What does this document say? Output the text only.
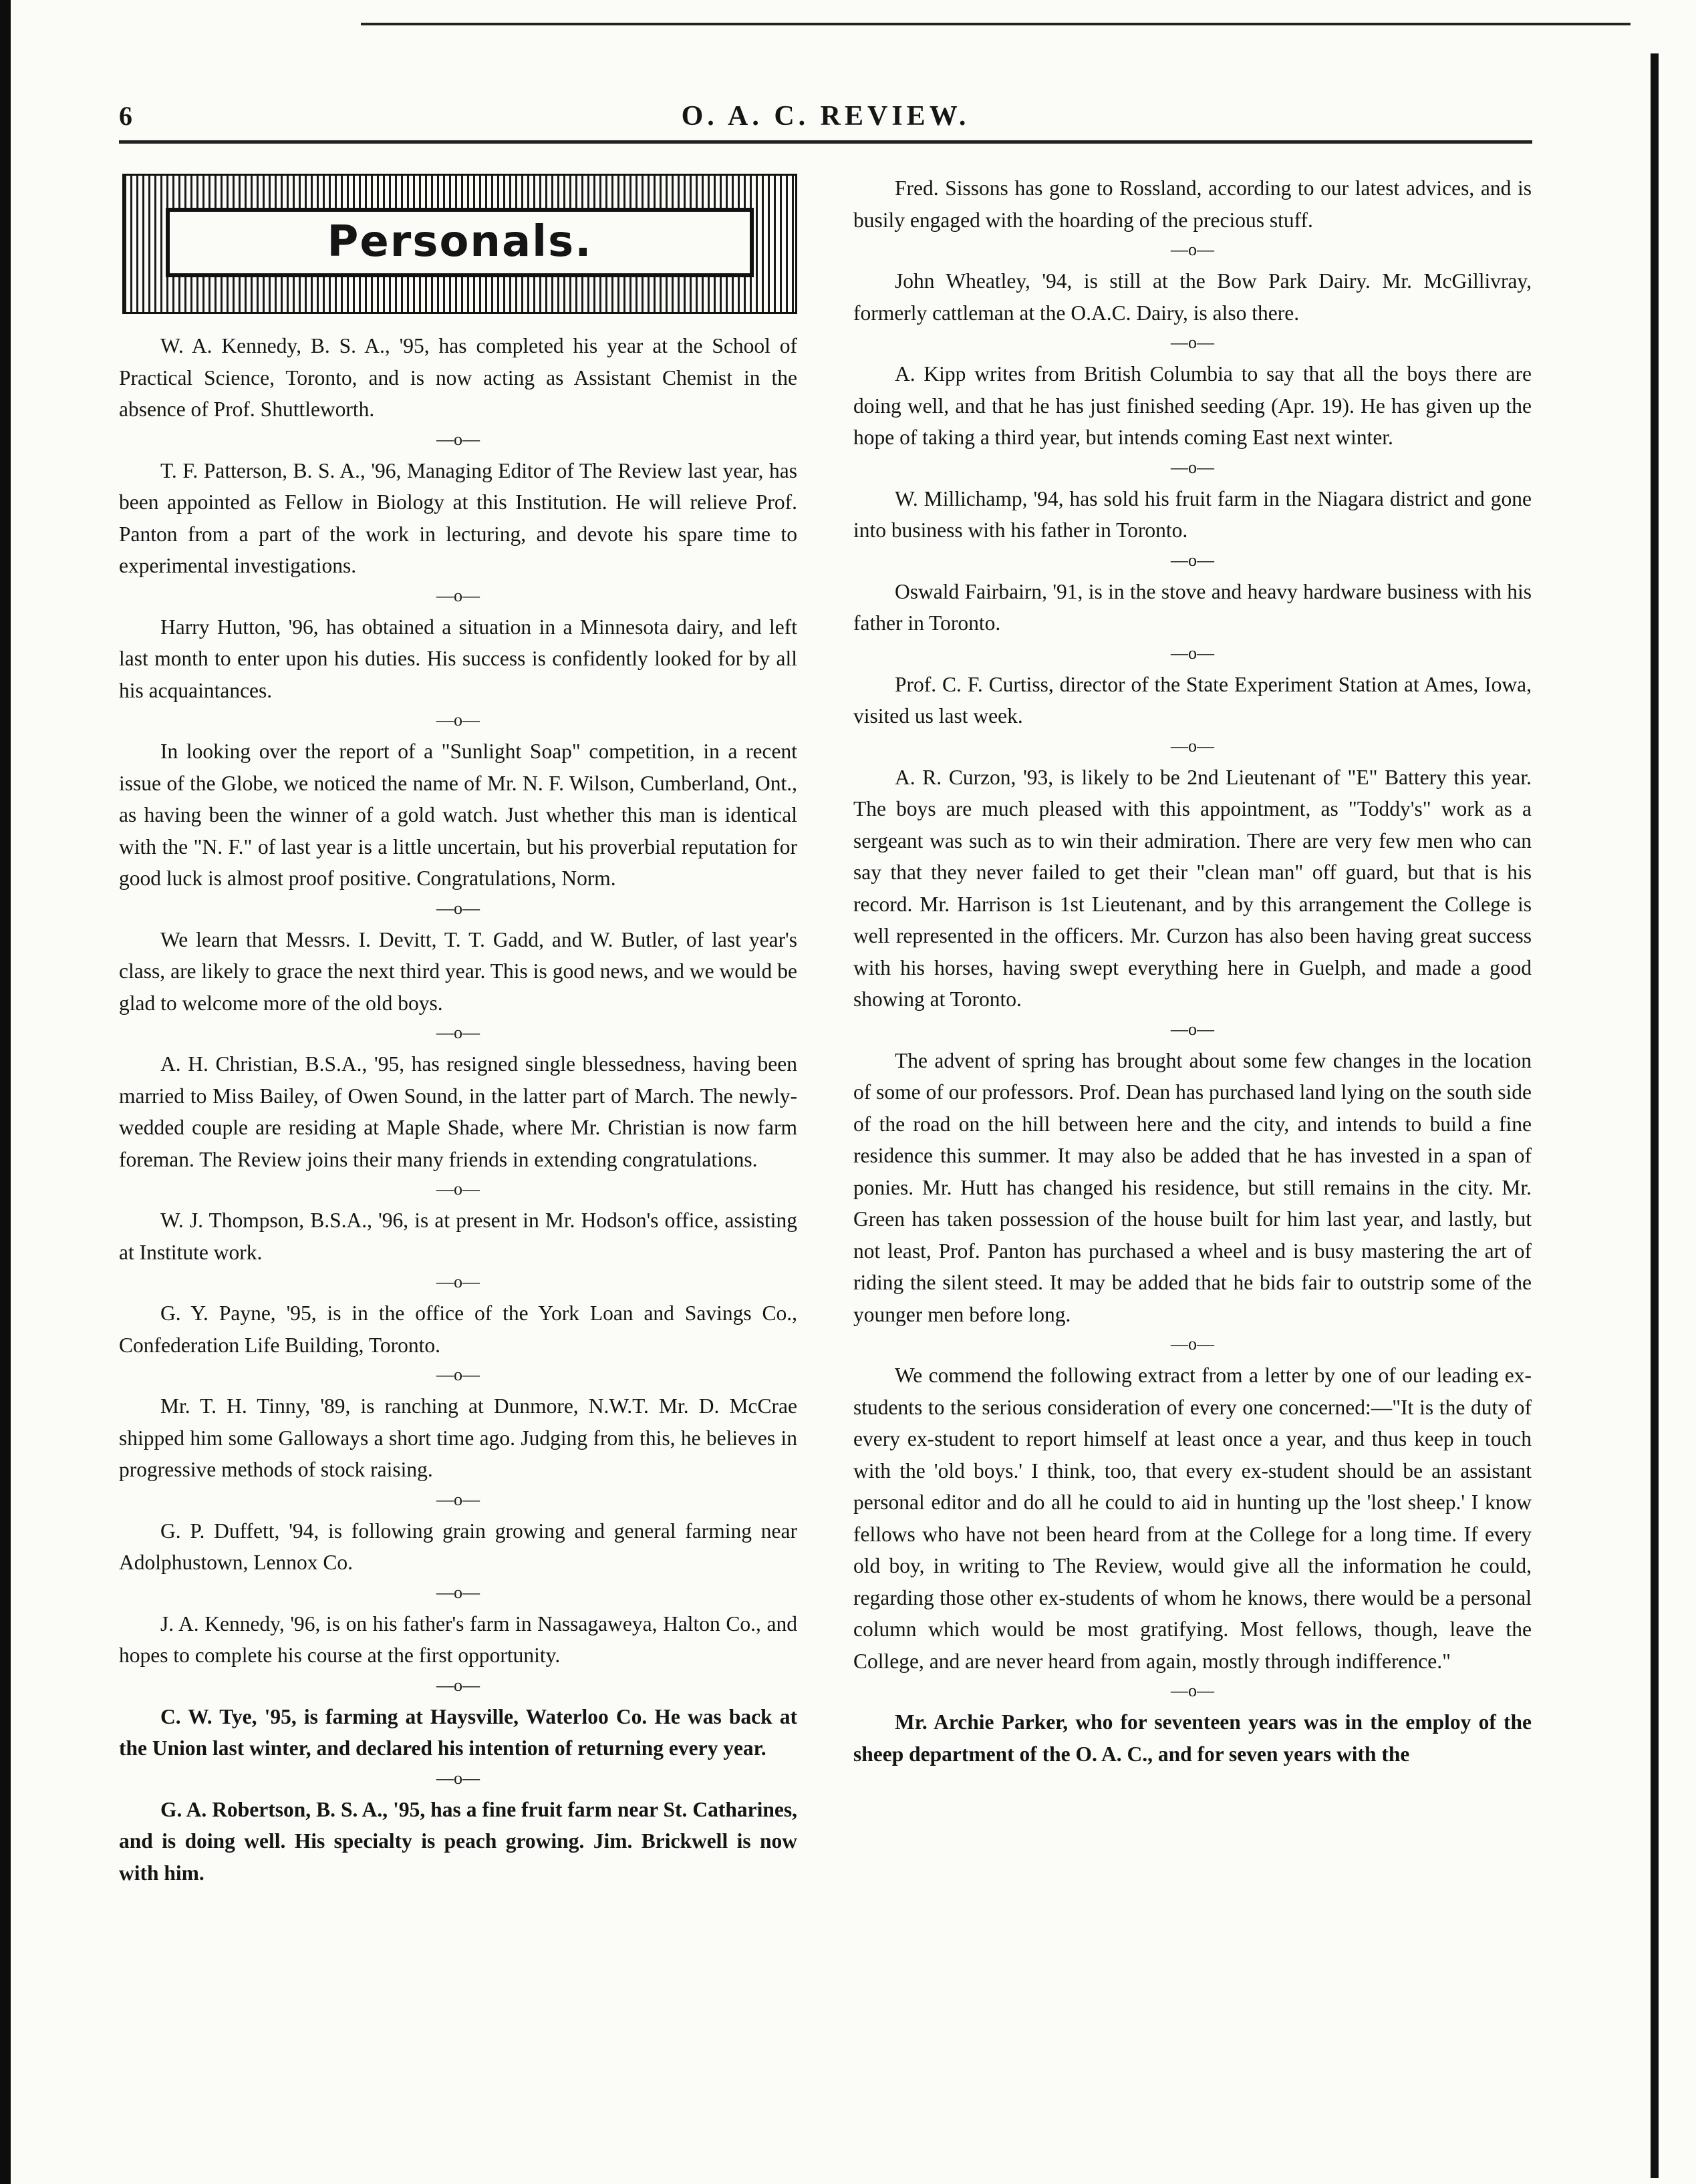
6	O. A. C. REVIEW.
Personals.

W. A. Kennedy, B. S. A., '95, has completed his year at the School of Practical Science, Toronto, and is now acting as Assistant Chemist in the absence of Prof. Shuttleworth.

—o—

T. F. Patterson, B. S. A., '96, Managing Editor of The Review last year, has been appointed as Fellow in Biology at this Institution. He will relieve Prof. Panton from a part of the work in lecturing, and devote his spare time to experimental investigations.

—o—

Harry Hutton, '96, has obtained a situation in a Minnesota dairy, and left last month to enter upon his duties. His success is confidently looked for by all his acquaintances.

—o—

In looking over the report of a "Sunlight Soap" competition, in a recent issue of the Globe, we noticed the name of Mr. N. F. Wilson, Cumberland, Ont., as having been the winner of a gold watch. Just whether this man is identical with the "N. F." of last year is a little uncertain, but his proverbial reputation for good luck is almost proof positive. Congratulations, Norm.

—o—

We learn that Messrs. I. Devitt, T. T. Gadd, and W. Butler, of last year's class, are likely to grace the next third year. This is good news, and we would be glad to welcome more of the old boys.

—o—

A. H. Christian, B.S.A., '95, has resigned single blessedness, having been married to Miss Bailey, of Owen Sound, in the latter part of March. The newly-wedded couple are residing at Maple Shade, where Mr. Christian is now farm foreman. The Review joins their many friends in extending congratulations.

—o—

W. J. Thompson, B.S.A., '96, is at present in Mr. Hodson's office, assisting at Institute work.

—o—

G. Y. Payne, '95, is in the office of the York Loan and Savings Co., Confederation Life Building, Toronto.

—o—

Mr. T. H. Tinny, '89, is ranching at Dunmore, N.W.T. Mr. D. McCrae shipped him some Galloways a short time ago. Judging from this, he believes in progressive methods of stock raising.

—o—

G. P. Duffett, '94, is following grain growing and general farming near Adolphustown, Lennox Co.

—o—

J. A. Kennedy, '96, is on his father's farm in Nassagaweya, Halton Co., and hopes to complete his course at the first opportunity.

—o—

C. W. Tye, '95, is farming at Haysville, Waterloo Co. He was back at the Union last winter, and declared his intention of returning every year.

—o—

G. A. Robertson, B. S. A., '95, has a fine fruit farm near St. Catharines, and is doing well. His specialty is peach growing. Jim. Brickwell is now with him.

Fred. Sissons has gone to Rossland, according to our latest advices, and is busily engaged with the hoarding of the precious stuff.

—o—

John Wheatley, '94, is still at the Bow Park Dairy. Mr. McGillivray, formerly cattleman at the O.A.C. Dairy, is also there.

—o—

A. Kipp writes from British Columbia to say that all the boys there are doing well, and that he has just finished seeding (Apr. 19). He has given up the hope of taking a third year, but intends coming East next winter.

—o—

W. Millichamp, '94, has sold his fruit farm in the Niagara district and gone into business with his father in Toronto.

—o—

Oswald Fairbairn, '91, is in the stove and heavy hardware business with his father in Toronto.

—o—

Prof. C. F. Curtiss, director of the State Experiment Station at Ames, Iowa, visited us last week.

—o—

A. R. Curzon, '93, is likely to be 2nd Lieutenant of "E" Battery this year. The boys are much pleased with this appointment, as "Toddy's" work as a sergeant was such as to win their admiration. There are very few men who can say that they never failed to get their "clean man" off guard, but that is his record. Mr. Harrison is 1st Lieutenant, and by this arrangement the College is well represented in the officers. Mr. Curzon has also been having great success with his horses, having swept everything here in Guelph, and made a good showing at Toronto.

—o—

The advent of spring has brought about some few changes in the location of some of our professors. Prof. Dean has purchased land lying on the south side of the road on the hill between here and the city, and intends to build a fine residence this summer. It may also be added that he has invested in a span of ponies. Mr. Hutt has changed his residence, but still remains in the city. Mr. Green has taken possession of the house built for him last year, and lastly, but not least, Prof. Panton has purchased a wheel and is busy mastering the art of riding the silent steed. It may be added that he bids fair to outstrip some of the younger men before long.

—o—

We commend the following extract from a letter by one of our leading ex-students to the serious consideration of every one concerned:—"It is the duty of every ex-student to report himself at least once a year, and thus keep in touch with the 'old boys.' I think, too, that every ex-student should be an assistant personal editor and do all he could to aid in hunting up the 'lost sheep.' I know fellows who have not been heard from at the College for a long time. If every old boy, in writing to The Review, would give all the information he could, regarding those other ex-students of whom he knows, there would be a personal column which would be most gratifying. Most fellows, though, leave the College, and are never heard from again, mostly through indifference."

—o—

Mr. Archie Parker, who for seventeen years was in the employ of the sheep department of the O. A. C., and for seven years with the
